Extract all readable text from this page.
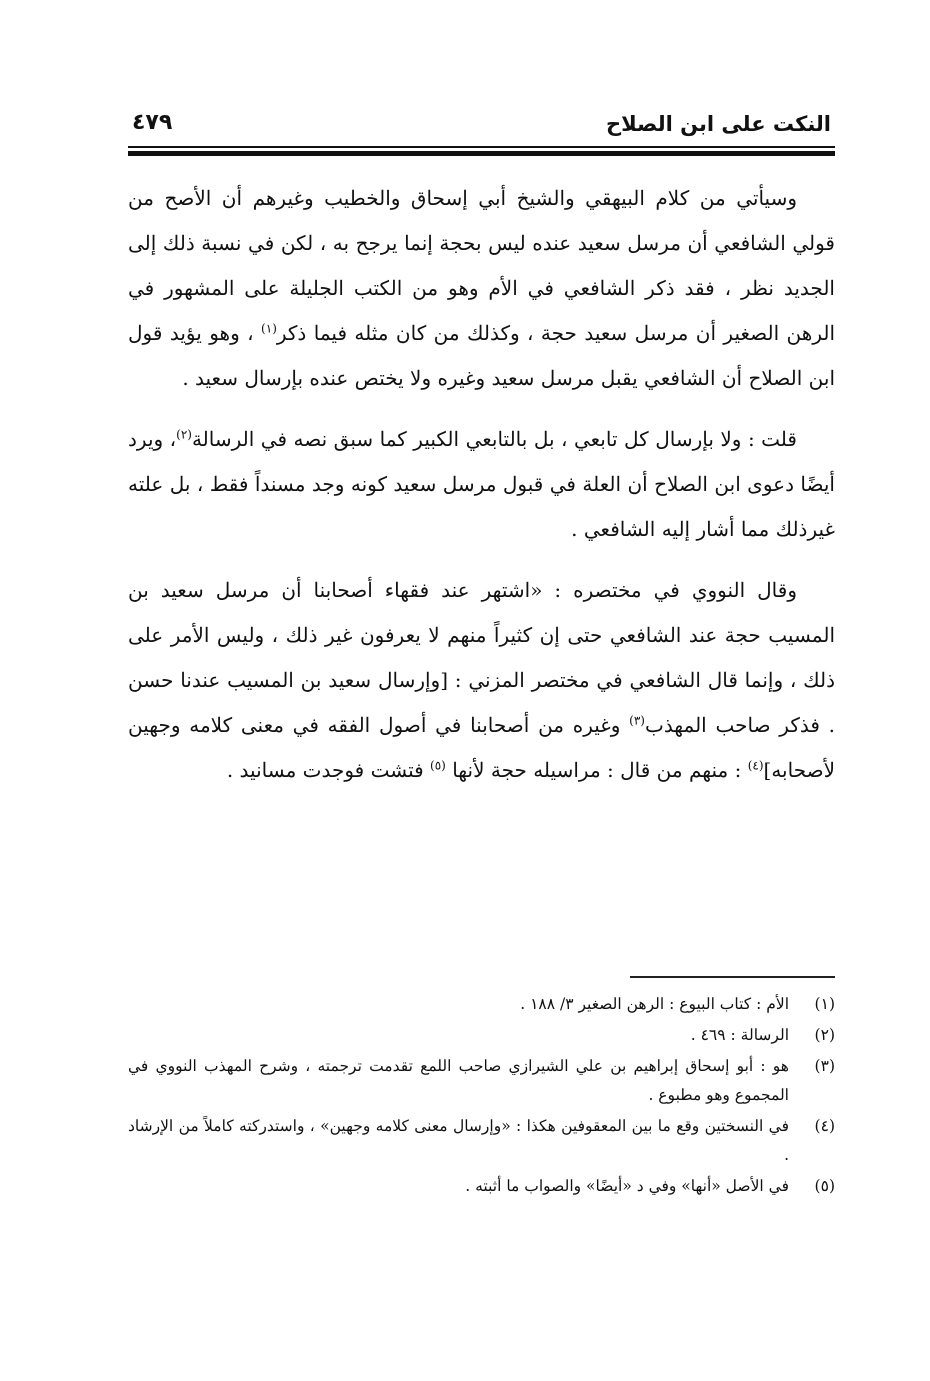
النكت على ابن الصلاح
٤٧٩

وسيأتي من كلام البيهقي والشيخ أبي إسحاق والخطيب وغيرهم أن الأصح من قولي الشافعي أن مرسل سعيد عنده ليس بحجة إنما يرجح به ، لكن في نسبة ذلك إلى الجديد نظر ، فقد ذكر الشافعي في الأم وهو من الكتب الجليلة على المشهور في الرهن الصغير أن مرسل سعيد حجة ، وكذلك من كان مثله فيما ذكر$^{(١)}$ ، وهو يؤيد قول ابن الصلاح أن الشافعي يقبل مرسل سعيد وغيره ولا يختص عنده بإرسال سعيد .

قلت : ولا بإرسال كل تابعي ، بل بالتابعي الكبير كما سبق نصه في الرسالة$^{(٢)}$، ويرد أيضًا دعوى ابن الصلاح أن العلة في قبول مرسل سعيد كونه وجد مسنداً فقط ، بل علته غيرذلك مما أشار إليه الشافعي .

وقال النووي في مختصره : «اشتهر عند فقهاء أصحابنا أن مرسل سعيد بن المسيب حجة عند الشافعي حتى إن كثيراً منهم لا يعرفون غير ذلك ، وليس الأمر على ذلك ، وإنما قال الشافعي في مختصر المزني : [وإرسال سعيد بن المسيب عندنا حسن . فذكر صاحب المهذب$^{(٣)}$ وغيره من أصحابنا في أصول الفقه في معنى كلامه وجهين لأصحابه]$^{(٤)}$ : منهم من قال : مراسيله حجة لأنها $^{(٥)}$ فتشت فوجدت مسانيد .

(١)
الأم : كتاب البيوع : الرهن الصغير ٣/ ١٨٨ .
(٢)
الرسالة : ٤٦٩ .
(٣)
هو : أبو إسحاق إبراهيم بن علي الشيرازي صاحب اللمع تقدمت ترجمته ، وشرح المهذب النووي في المجموع وهو مطبوع .
(٤)
في النسختين وقع ما بين المعقوفين هكذا : «وإرسال معنى كلامه وجهين» ، واستدركته كاملاً من الإرشاد .
(٥)
في الأصل «أنها» وفي د «أيضًا» والصواب ما أثبته .
